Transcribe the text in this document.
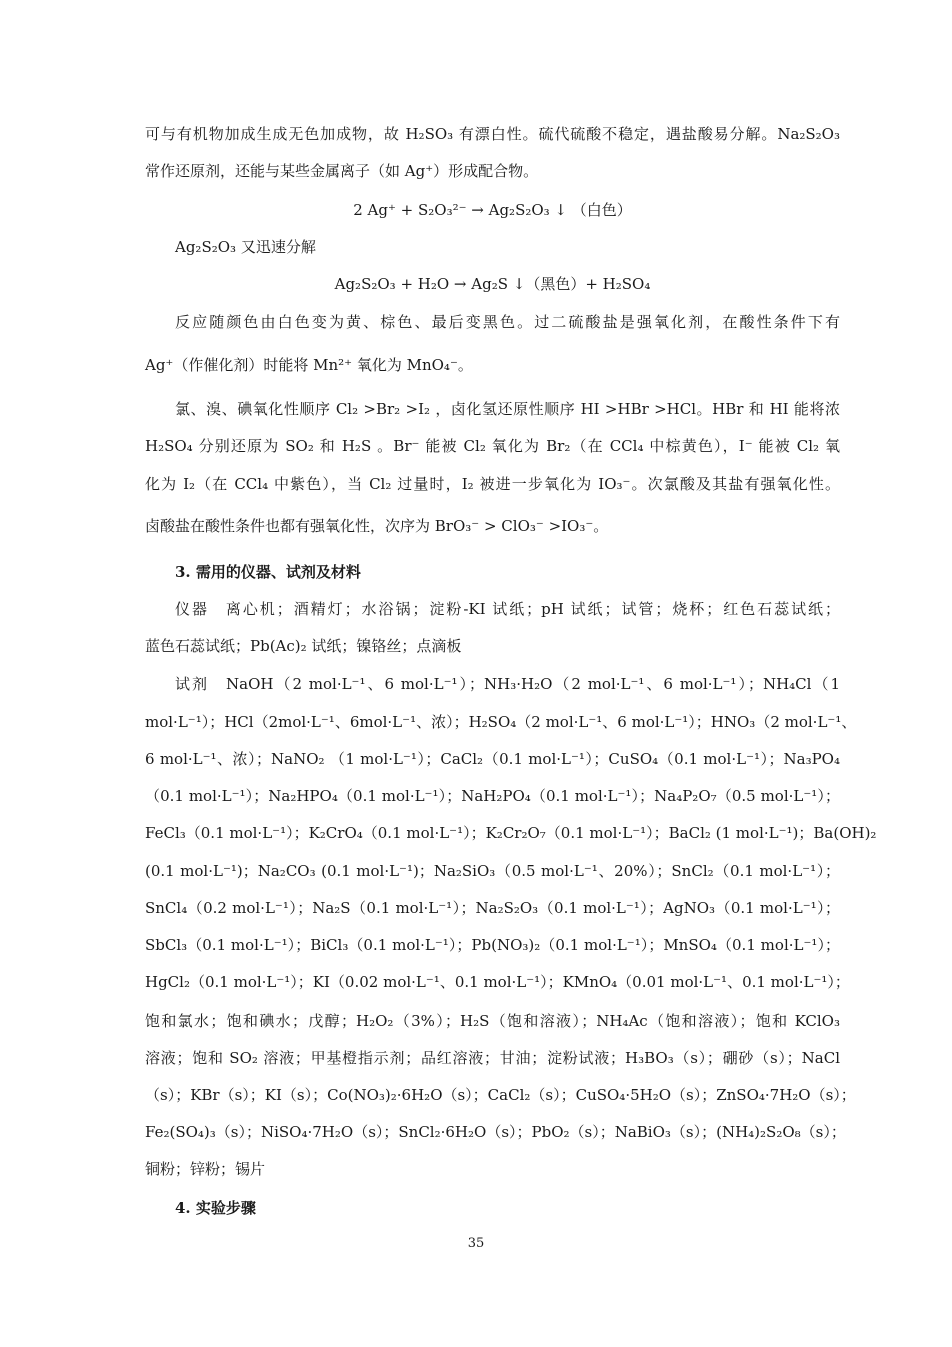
可与有机物加成生成无色加成物，故 H₂SO₃ 有漂白性。硫代硫酸不稳定，遇盐酸易分解。Na₂S₂O₃
常作还原剂，还能与某些金属离子（如 Ag⁺）形成配合物。
2 Ag⁺ + S₂O₃²⁻ → Ag₂S₂O₃ ↓ （白色）
Ag₂S₂O₃ 又迅速分解
Ag₂S₂O₃ + H₂O → Ag₂S ↓（黑色）+ H₂SO₄
反应随颜色由白色变为黄、棕色、最后变黑色。过二硫酸盐是强氧化剂，在酸性条件下有
Ag⁺（作催化剂）时能将 Mn²⁺ 氧化为 MnO₄⁻。
氯、溴、碘氧化性顺序 Cl₂ >Br₂ >I₂ ，卤化氢还原性顺序 HI >HBr >HCl。HBr 和 HI 能将浓
H₂SO₄ 分别还原为 SO₂ 和 H₂S 。Br⁻ 能被 Cl₂ 氧化为 Br₂（在 CCl₄ 中棕黄色），I⁻ 能被 Cl₂ 氧
化为 I₂（在 CCl₄ 中紫色），当 Cl₂ 过量时，I₂ 被进一步氧化为 IO₃⁻。次氯酸及其盐有强氧化性。
卤酸盐在酸性条件也都有强氧化性，次序为 BrO₃⁻ > ClO₃⁻ >IO₃⁻。
3. 需用的仪器、试剂及材料
仪器　离心机；酒精灯；水浴锅；淀粉-KI 试纸；pH 试纸；试管；烧杯；红色石蕊试纸；
蓝色石蕊试纸；Pb(Ac)₂ 试纸；镍铬丝；点滴板
试剂　NaOH（2 mol·L⁻¹、6 mol·L⁻¹）；NH₃·H₂O（2 mol·L⁻¹、6 mol·L⁻¹）；NH₄Cl（1
mol·L⁻¹）；HCl（2mol·L⁻¹、6mol·L⁻¹、浓）；H₂SO₄（2 mol·L⁻¹、6 mol·L⁻¹）；HNO₃（2 mol·L⁻¹、
6 mol·L⁻¹、浓）；NaNO₂ （1 mol·L⁻¹）；CaCl₂（0.1 mol·L⁻¹）；CuSO₄（0.1 mol·L⁻¹）；Na₃PO₄
（0.1 mol·L⁻¹）；Na₂HPO₄（0.1 mol·L⁻¹）；NaH₂PO₄（0.1 mol·L⁻¹）；Na₄P₂O₇（0.5 mol·L⁻¹）；
FeCl₃（0.1 mol·L⁻¹）；K₂CrO₄（0.1 mol·L⁻¹）；K₂Cr₂O₇（0.1 mol·L⁻¹）；BaCl₂ (1 mol·L⁻¹)；Ba(OH)₂
(0.1 mol·L⁻¹)；Na₂CO₃ (0.1 mol·L⁻¹)；Na₂SiO₃（0.5 mol·L⁻¹、20%）；SnCl₂（0.1 mol·L⁻¹）；
SnCl₄（0.2 mol·L⁻¹）；Na₂S（0.1 mol·L⁻¹）；Na₂S₂O₃（0.1 mol·L⁻¹）；AgNO₃（0.1 mol·L⁻¹）；
SbCl₃（0.1 mol·L⁻¹）；BiCl₃（0.1 mol·L⁻¹）；Pb(NO₃)₂（0.1 mol·L⁻¹）；MnSO₄（0.1 mol·L⁻¹）；
HgCl₂（0.1 mol·L⁻¹）；KI（0.02 mol·L⁻¹、0.1 mol·L⁻¹）；KMnO₄（0.01 mol·L⁻¹、0.1 mol·L⁻¹）；
饱和氯水；饱和碘水；戊醇；H₂O₂（3%）；H₂S（饱和溶液）；NH₄Ac（饱和溶液）；饱和 KClO₃
溶液；饱和 SO₂ 溶液；甲基橙指示剂；品红溶液；甘油；淀粉试液；H₃BO₃（s）；硼砂（s）；NaCl
（s）；KBr（s）；KI（s）；Co(NO₃)₂·6H₂O（s）；CaCl₂（s）；CuSO₄·5H₂O（s）；ZnSO₄·7H₂O（s）；
Fe₂(SO₄)₃（s）；NiSO₄·7H₂O（s）；SnCl₂·6H₂O（s）；PbO₂（s）；NaBiO₃（s）；(NH₄)₂S₂O₈（s）；
铜粉；锌粉；锡片
4. 实验步骤
35
